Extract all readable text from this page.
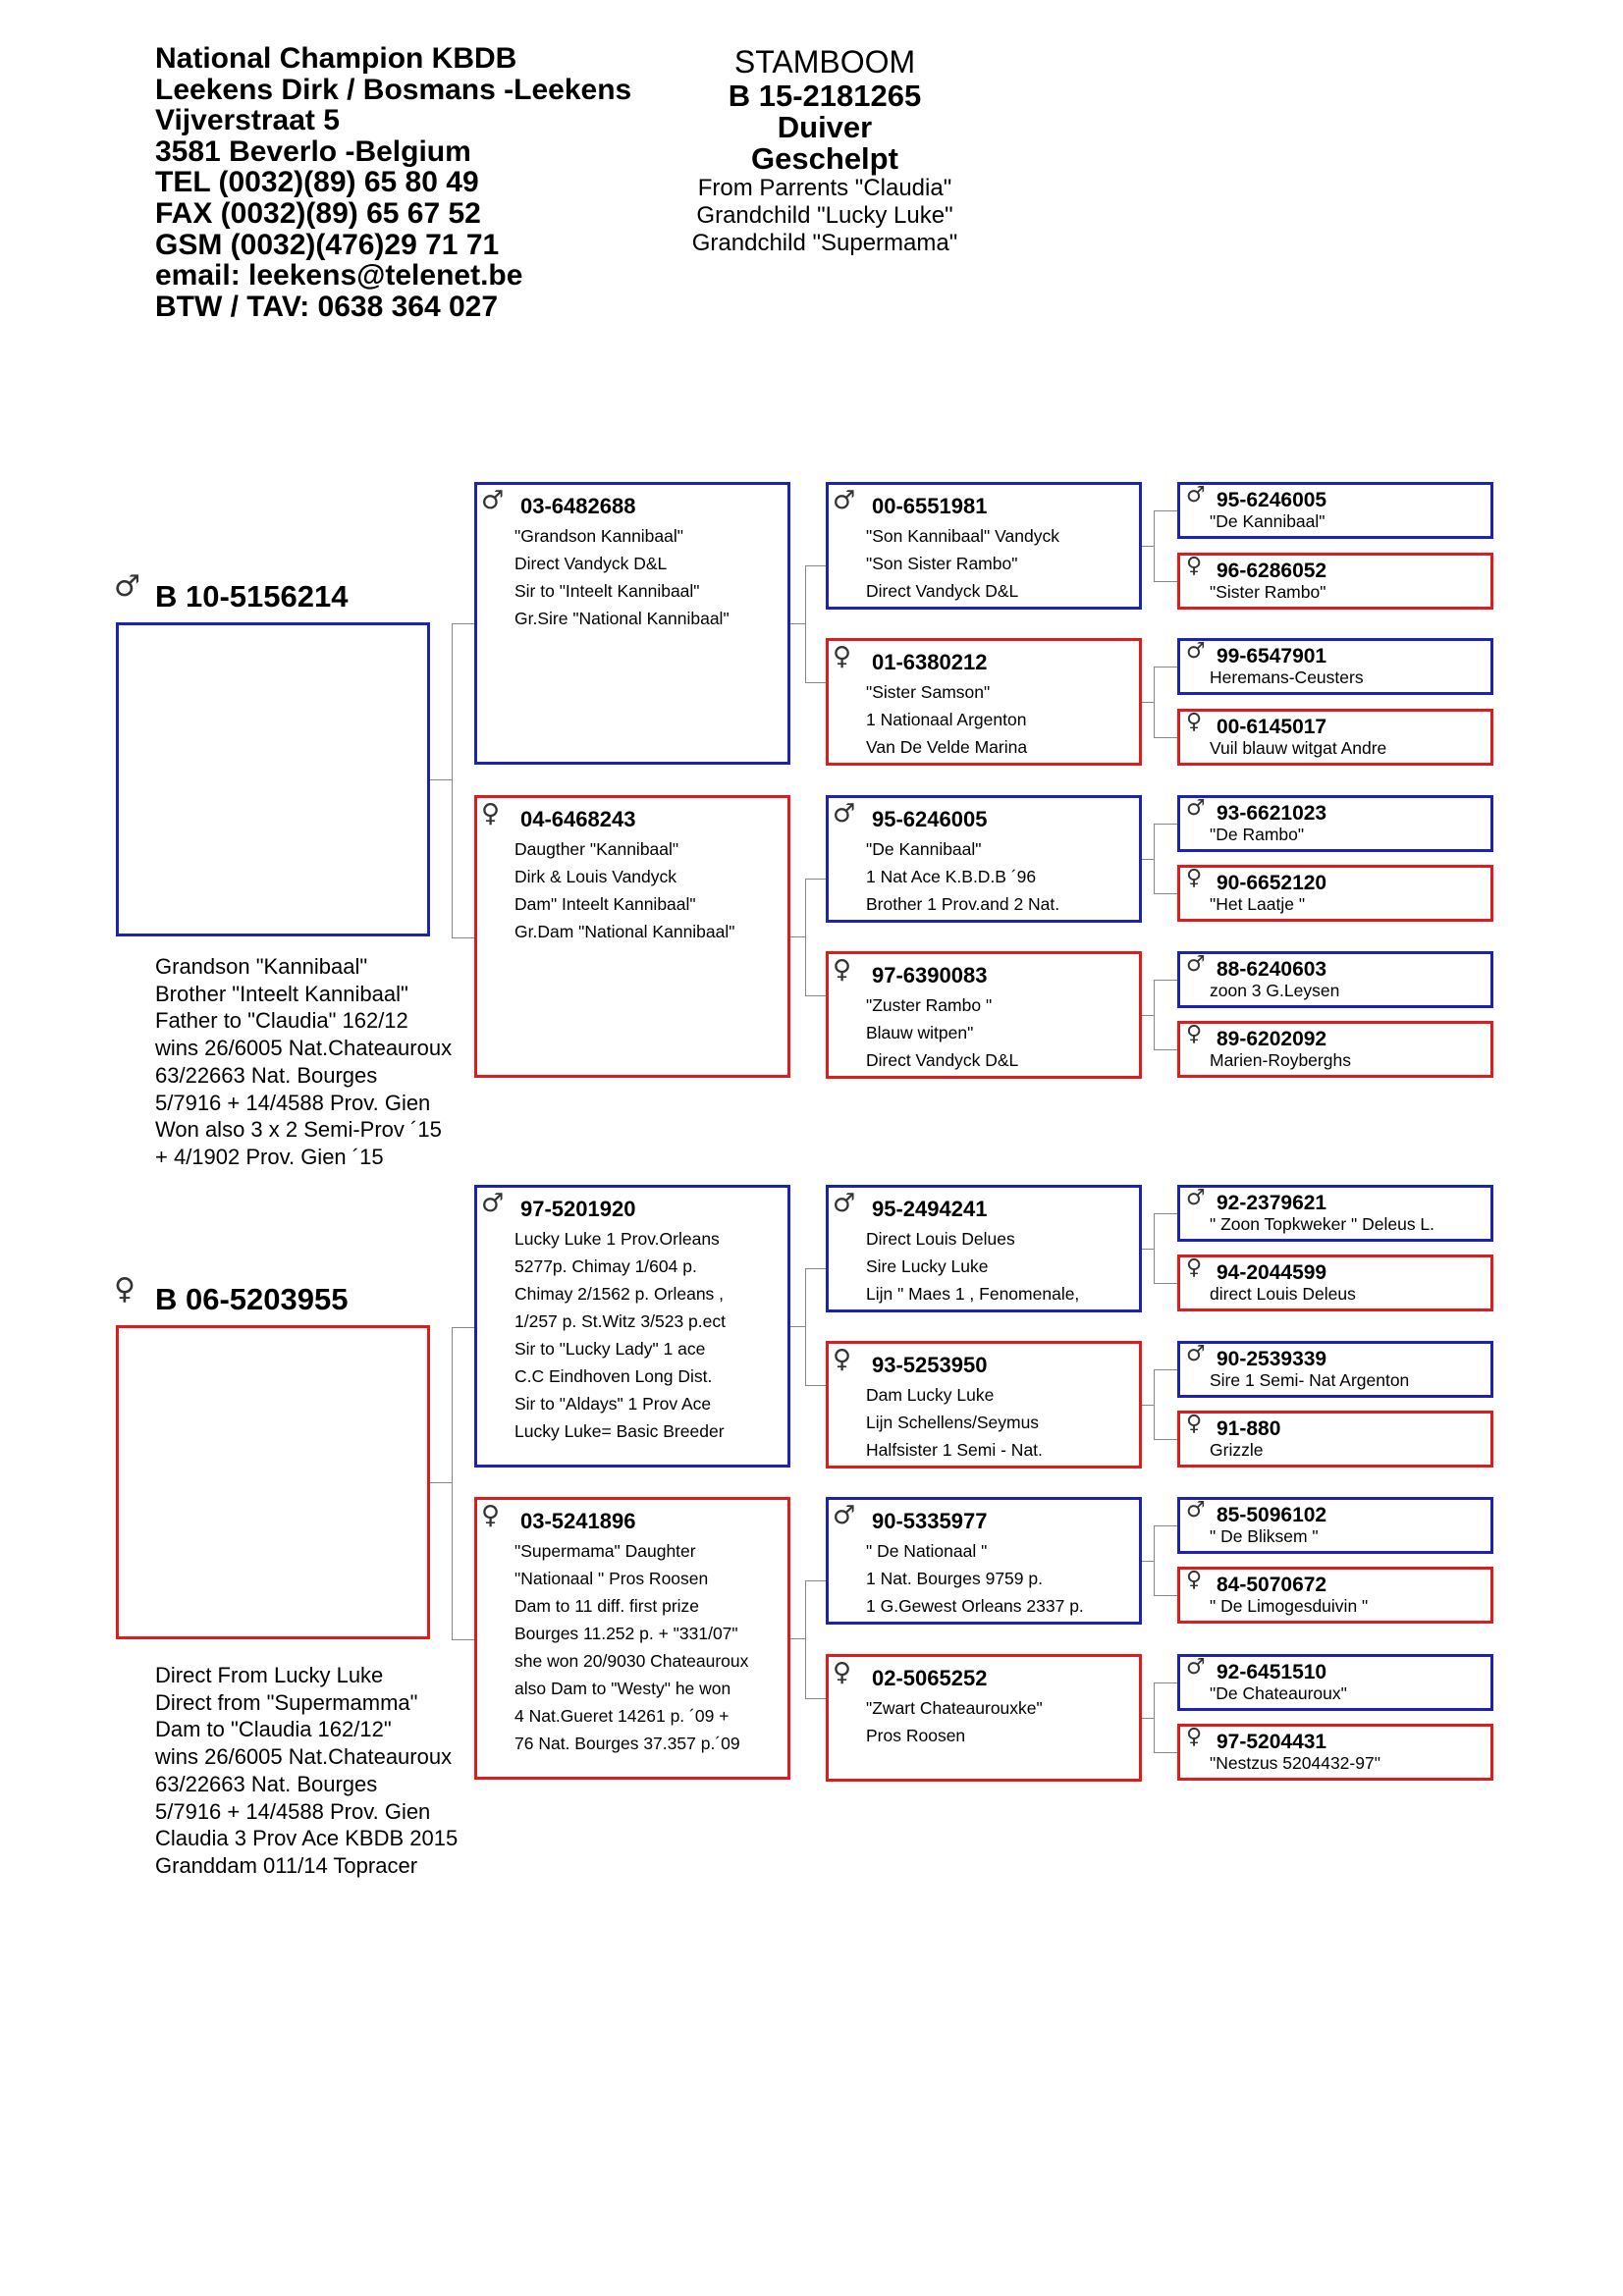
National Champion KBDB
Leekens Dirk / Bosmans -Leekens
Vijverstraat 5
3581 Beverlo -Belgium
TEL (0032)(89) 65 80 49
FAX (0032)(89) 65 67 52
GSM (0032)(476)29 71 71
email: leekens@telenet.be
BTW / TAV: 0638 364 027
STAMBOOM
B 15-2181265
Duiver
Geschelpt
From Parrents "Claudia"
Grandchild "Lucky Luke"
Grandchild "Supermama"
♂ B 10-5156214
Grandson "Kannibaal"
Brother "Inteelt Kannibaal"
Father to "Claudia" 162/12
wins 26/6005 Nat.Chateauroux
63/22663 Nat. Bourges
5/7916 + 14/4588 Prov. Gien
Won also 3 x 2 Semi-Prov ´15
+ 4/1902 Prov. Gien ´15
♀ B 06-5203955
Direct From Lucky Luke
Direct from "Supermamma"
Dam to "Claudia 162/12"
wins 26/6005 Nat.Chateauroux
63/22663 Nat. Bourges
5/7916 + 14/4588 Prov. Gien
Claudia 3 Prov Ace KBDB 2015
Granddam 011/14 Topracer
♂ 03-6482688
"Grandson Kannibaal"
Direct Vandyck D&L
Sir to "Inteelt Kannibaal"
Gr.Sire "National Kannibaal"
♀ 04-6468243
Daugther "Kannibaal"
Dirk & Louis Vandyck
Dam" Inteelt Kannibaal"
Gr.Dam "National Kannibaal"
♂ 97-5201920
Lucky Luke 1 Prov.Orleans
5277p. Chimay 1/604 p.
Chimay 2/1562 p. Orleans ,
1/257 p. St.Witz 3/523 p.ect
Sir to "Lucky Lady" 1 ace
C.C Eindhoven Long Dist.
Sir to "Aldays" 1 Prov Ace
Lucky Luke= Basic Breeder
♀ 03-5241896
"Supermama" Daughter
"Nationaal " Pros Roosen
Dam to 11 diff. first prize
Bourges 11.252 p. + "331/07"
she won 20/9030 Chateauroux
also Dam to "Westy" he won
4 Nat.Gueret 14261 p. ´09 +
76 Nat. Bourges 37.357 p.´09
♂ 00-6551981
"Son Kannibaal" Vandyck
"Son Sister Rambo"
Direct Vandyck D&L
♀ 01-6380212
"Sister Samson"
1 Nationaal Argenton
Van De Velde Marina
♂ 95-6246005
"De Kannibaal"
1 Nat Ace K.B.D.B ´96
Brother 1 Prov.and 2 Nat.
♀ 97-6390083
"Zuster Rambo "
Blauw witpen"
Direct Vandyck D&L
♂ 95-2494241
Direct Louis Delues
Sire Lucky Luke
Lijn " Maes 1 , Fenomenale,
♀ 93-5253950
Dam Lucky Luke
Lijn Schellens/Seymus
Halfsister 1 Semi - Nat.
♂ 90-5335977
" De Nationaal "
1 Nat. Bourges 9759 p.
1 G.Gewest Orleans 2337 p.
♀ 02-5065252
"Zwart Chateaurouxke"
Pros Roosen
♂ 95-6246005
"De Kannibaal"
♀ 96-6286052
"Sister Rambo"
♂ 99-6547901
Heremans-Ceusters
♀ 00-6145017
Vuil blauw witgat Andre
♂ 93-6621023
"De Rambo"
♀ 90-6652120
"Het Laatje "
♂ 88-6240603
zoon 3 G.Leysen
♀ 89-6202092
Marien-Royberghs
♂ 92-2379621
" Zoon Topkweker " Deleus L.
♀ 94-2044599
direct Louis Deleus
♂ 90-2539339
Sire 1 Semi- Nat Argenton
♀ 91-880
Grizzle
♂ 85-5096102
" De Bliksem "
♀ 84-5070672
" De Limogesduivin "
♂ 92-6451510
"De Chateauroux"
♀ 97-5204431
"Nestzus 5204432-97"
